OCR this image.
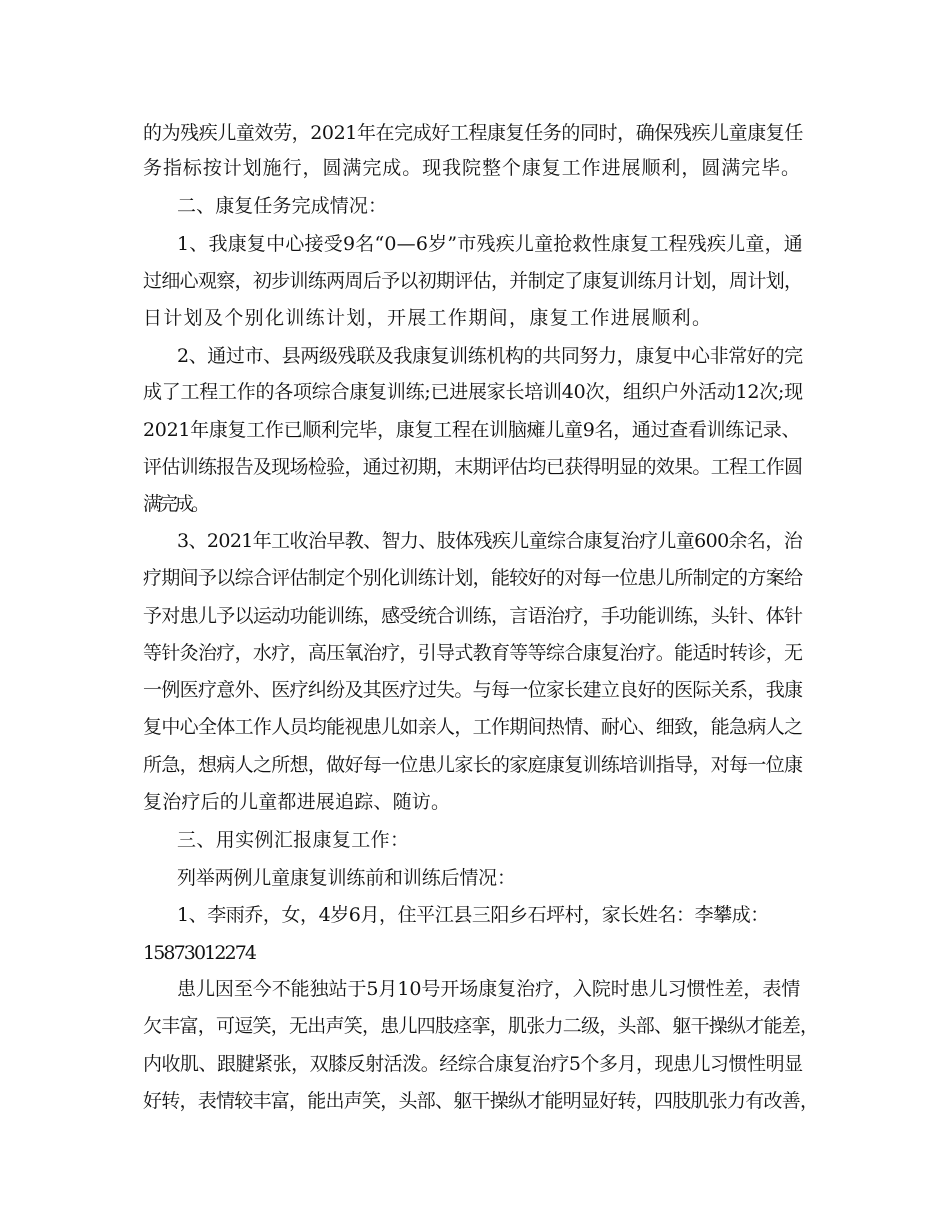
的为残疾儿童效劳，2021年在完成好工程康复任务的同时，确保残疾儿童康复任
务指标按计划施行，圆满完成。现我院整个康复工作进展顺利，圆满完毕。
二、康复任务完成情况：
1、我康复中心接受9名“0—6岁”市残疾儿童抢救性康复工程残疾儿童，通
过细心观察，初步训练两周后予以初期评估，并制定了康复训练月计划，周计划，
日计划及个别化训练计划，开展工作期间，康复工作进展顺利。
2、通过市、县两级残联及我康复训练机构的共同努力，康复中心非常好的完
成了工程工作的各项综合康复训练;已进展家长培训40次，组织户外活动12次;现
2021年康复工作已顺利完毕，康复工程在训脑瘫儿童9名，通过查看训练记录、
评估训练报告及现场检验，通过初期，末期评估均已获得明显的效果。工程工作圆
满完成。
3、2021年工收治早教、智力、肢体残疾儿童综合康复治疗儿童600余名，治
疗期间予以综合评估制定个别化训练计划，能较好的对每一位患儿所制定的方案给
予对患儿予以运动功能训练，感受统合训练，言语治疗，手功能训练，头针、体针
等针灸治疗，水疗，高压氧治疗，引导式教育等等综合康复治疗。能适时转诊，无
一例医疗意外、医疗纠纷及其医疗过失。与每一位家长建立良好的医际关系，我康
复中心全体工作人员均能视患儿如亲人，工作期间热情、耐心、细致，能急病人之
所急，想病人之所想，做好每一位患儿家长的家庭康复训练培训指导，对每一位康
复治疗后的儿童都进展追踪、随访。
三、用实例汇报康复工作：
列举两例儿童康复训练前和训练后情况：
1、李雨乔，女，4岁6月，住平江县三阳乡石坪村，家长姓名：李攀成：
15873012274
患儿因至今不能独站于5月10号开场康复治疗，入院时患儿习惯性差，表情
欠丰富，可逗笑，无出声笑，患儿四肢痉挛，肌张力二级，头部、躯干操纵才能差，
内收肌、跟腱紧张，双膝反射活泼。经综合康复治疗5个多月，现患儿习惯性明显
好转，表情较丰富，能出声笑，头部、躯干操纵才能明显好转，四肢肌张力有改善，
